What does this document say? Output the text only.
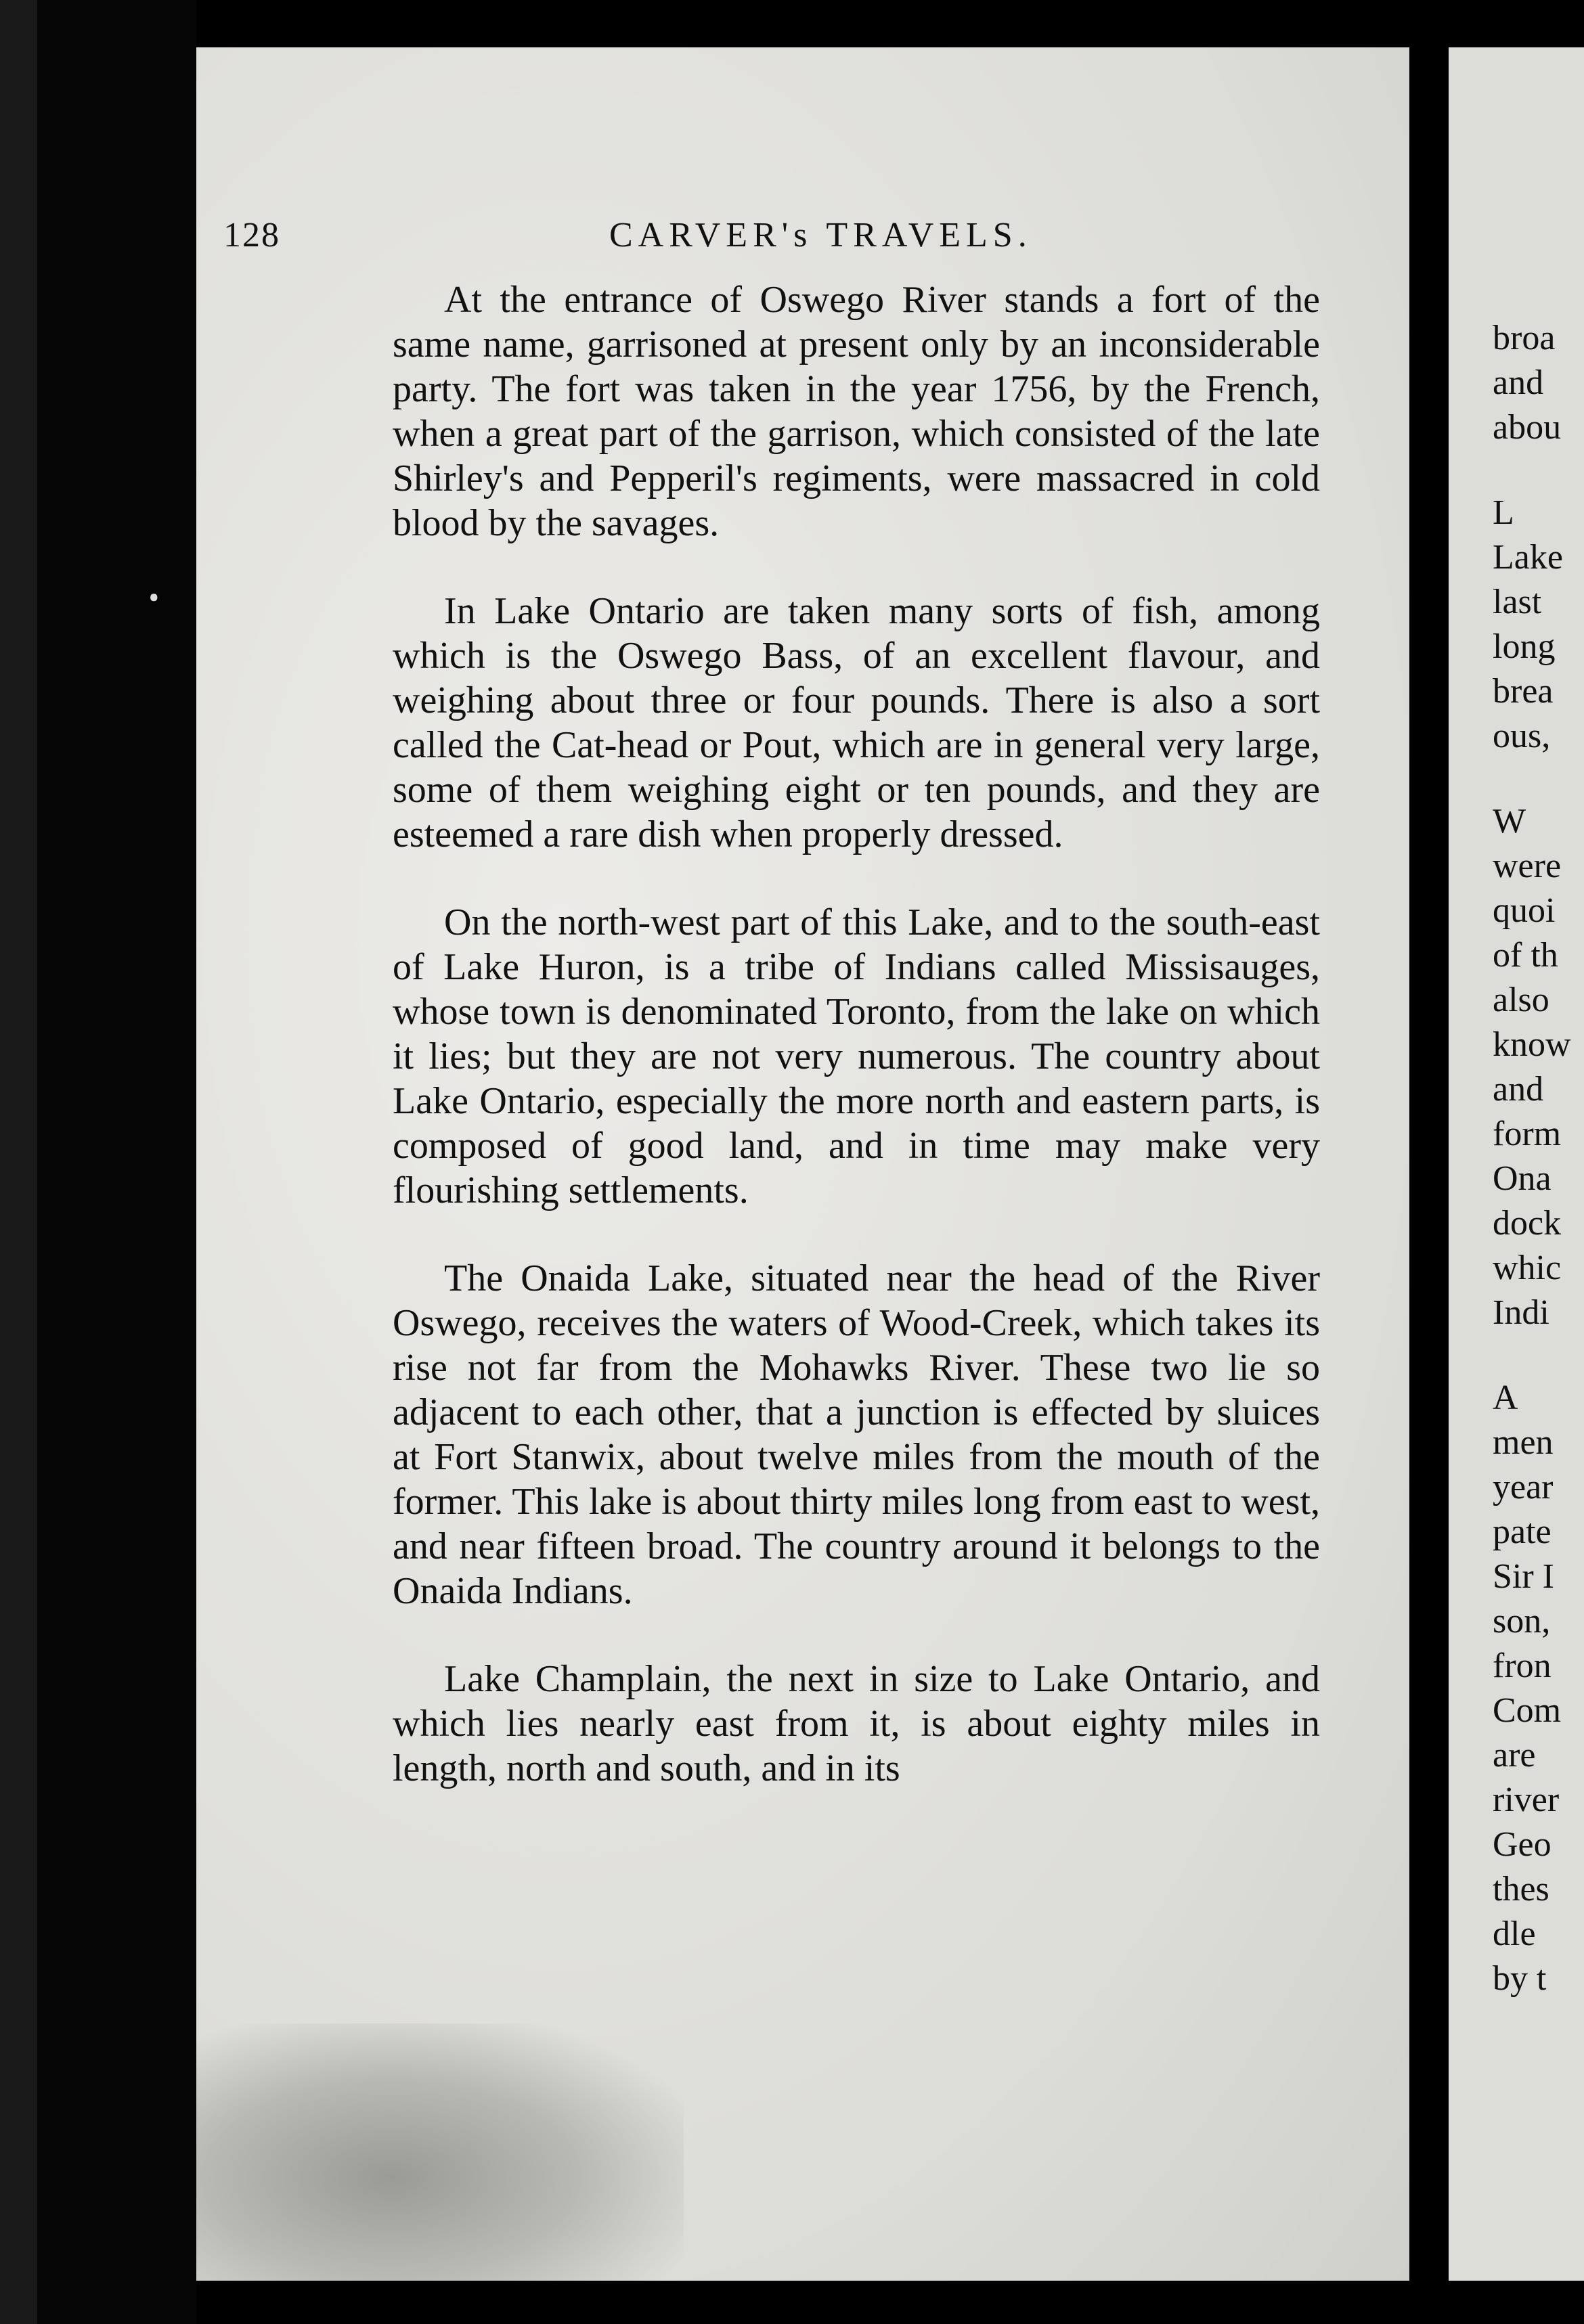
ꞏ
128	CARVER's TRAVELS.

At the entrance of Oswego River stands a fort of the same name, garrisoned at present only by an inconsiderable party. The fort was taken in the year 1756, by the French, when a great part of the garrison, which consisted of the late Shirley's and Pepperil's regiments, were massacred in cold blood by the savages.

In Lake Ontario are taken many sorts of fish, among which is the Oswego Bass, of an excellent flavour, and weighing about three or four pounds. There is also a sort called the Cat-head or Pout, which are in general very large, some of them weighing eight or ten pounds, and they are esteemed a rare dish when properly dressed.

On the north-west part of this Lake, and to the south-east of Lake Huron, is a tribe of Indians called Missisauges, whose town is denominated Toronto, from the lake on which it lies; but they are not very numerous. The country about Lake Ontario, especially the more north and eastern parts, is composed of good land, and in time may make very flourishing settlements.

The Onaida Lake, situated near the head of the River Oswego, receives the waters of Wood-Creek, which takes its rise not far from the Mohawks River. These two lie so adjacent to each other, that a junction is effected by sluices at Fort Stanwix, about twelve miles from the mouth of the former. This lake is about thirty miles long from east to west, and near fifteen broad. The country around it belongs to the Onaida Indians.

Lake Champlain, the next in size to Lake Ontario, and which lies nearly east from it, is about eighty miles in length, north and south, and in its

broa
and
abou
L
Lake
last
long
brea
ous,
W
were
quoi
of th
also
know
and
form
Ona
dock
whic
Indi
A
men
year
pate
Sir I
son,
fron
Com
are
river
Geo
thes
dle
by t
